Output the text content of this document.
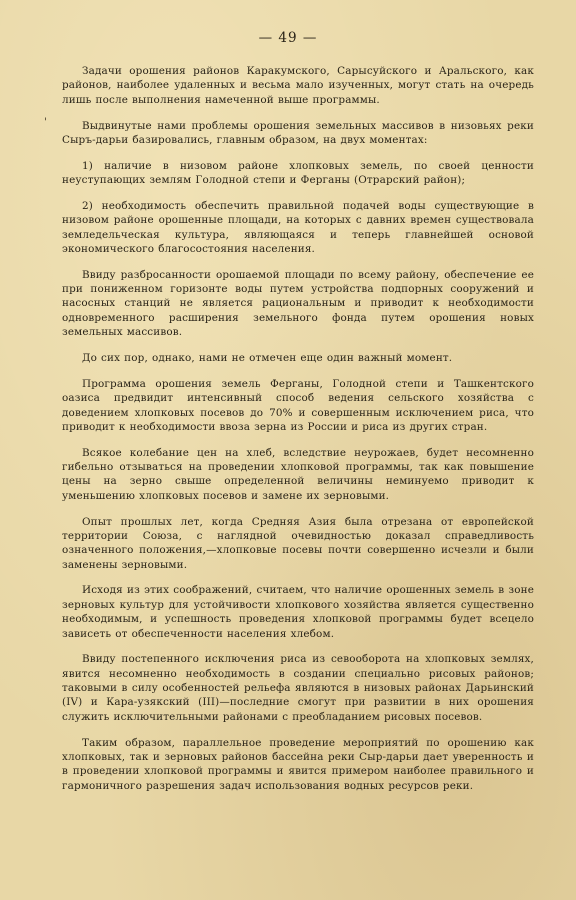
— 49 —
'

Задачи орошения районов Каракумского, Сарысуйского и Аральского, как районов, наиболее удаленных и весьма мало изученных, могут стать на очередь лишь после выполнения намеченной выше программы.

Выдвинутые нами проблемы орошения земельных массивов в низовьях реки Сыръ-дарьи базировались, главным образом, на двух моментах:

1) наличие в низовом районе хлопковых земель, по своей ценности неуступающих землям Голодной степи и Ферганы (Отрарский район);

2) необходимость обеспечить правильной подачей воды существующие в низовом районе орошенные площади, на которых с давних времен существовала земледельческая культура, являющаяся и теперь главнейшей основой экономического благосостояния населения.

Ввиду разбросанности орошаемой площади по всему району, обеспечение ее при пониженном горизонте воды путем устройства подпорных сооружений и насосных станций не является рациональным и приводит к необходимости одновременного расширения земельного фонда путем орошения новых земельных массивов.

До сих пор, однако, нами не отмечен еще один важный момент.

Программа орошения земель Ферганы, Голодной степи и Ташкентского оазиса предвидит интенсивный способ ведения сельского хозяйства с доведением хлопковых посевов до 70% и совершенным исключением риса, что приводит к необходимости ввоза зерна из России и риса из других стран.

Всякое колебание цен на хлеб, вследствие неурожаев, будет несомненно гибельно отзываться на проведении хлопковой программы, так как повышение цены на зерно свыше определенной величины неминуемо приводит к уменьшению хлопковых посевов и замене их зерновыми.

Опыт прошлых лет, когда Средняя Азия была отрезана от европейской территории Союза, с наглядной очевидностью доказал справедливость означенного положения,—хлопковые посевы почти совершенно исчезли и были заменены зерновыми.

Исходя из этих соображений, считаем, что наличие орошенных земель в зоне зерновых культур для устойчивости хлопкового хозяйства является существенно необходимым, и успешность проведения хлопковой программы будет всецело зависеть от обеспеченности населения хлебом.

Ввиду постепенного исключения риса из севооборота на хлопковых землях, явится несомненно необходимость в создании специально рисовых районов; таковыми в силу особенностей рельефа являются в низовых районах Дарьинский (IV) и Кара-узякский (III)—последние смогут при развитии в них орошения служить исключительными районами с преобладанием рисовых посевов.

Таким образом, параллельное проведение мероприятий по орошению как хлопковых, так и зерновых районов бассейна реки Сыр-дарьи дает уверенность и в проведении хлопковой программы и явится примером наиболее правильного и гармоничного разрешения задач использования водных ресурсов реки.
